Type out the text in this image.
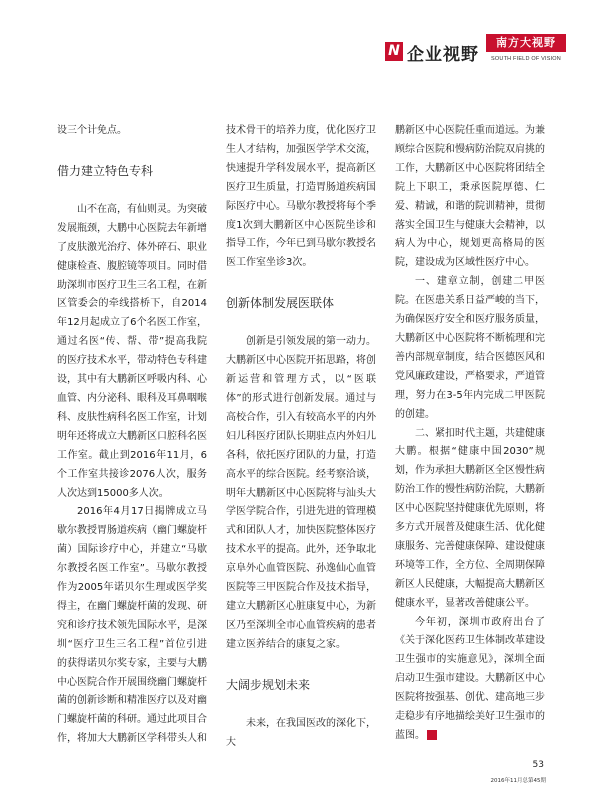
N 企业视野
南方大视野
SOUTH FIELD OF VISION

设三个计免点。

借力建立特色专科

山不在高，有仙则灵。为突破发展瓶颈，大鹏中心医院去年新增了皮肤激光治疗、体外碎石、职业健康检查、腹腔镜等项目。同时借助深圳市医疗卫生三名工程，在新区管委会的牵线搭桥下，自2014年12月起成立了6个名医工作室，通过名医“传、帮、带”提高我院的医疗技术水平，带动特色专科建设，其中有大鹏新区呼吸内科、心血管、内分泌科、眼科及耳鼻咽喉科、皮肤性病科名医工作室，计划明年还将成立大鹏新区口腔科名医工作室。截止到2016年11月，6个工作室共接诊2076人次，服务人次达到15000多人次。

2016年4月17日揭牌成立马歇尔教授胃肠道疾病（幽门螺旋杆菌）国际诊疗中心，并建立“马歇尔教授名医工作室”。马歇尔教授作为2005年诺贝尔生理或医学奖得主，在幽门螺旋杆菌的发现、研究和诊疗技术领先国际水平，是深圳“医疗卫生三名工程”首位引进的获得诺贝尔奖专家，主要与大鹏中心医院合作开展围绕幽门螺旋杆菌的创新诊断和精准医疗以及对幽门螺旋杆菌的科研。通过此项目合作，将加大大鹏新区学科带头人和

技术骨干的培养力度，优化医疗卫生人才结构，加强医学学术交流，快速提升学科发展水平，提高新区医疗卫生质量，打造胃肠道疾病国际医疗中心。马歇尔教授将每个季度1次到大鹏新区中心医院坐诊和指导工作，今年已到马歇尔教授名医工作室坐诊3次。

创新体制发展医联体

创新是引领发展的第一动力。大鹏新区中心医院开拓思路，将创新运营和管理方式，以“医联体”的形式进行创新发展。通过与高校合作，引入有较高水平的内外妇儿科医疗团队长期驻点内外妇儿各科，依托医疗团队的力量，打造高水平的综合医院。经考察洽谈，明年大鹏新区中心医院将与汕头大学医学院合作，引进先进的管理模式和团队人才，加快医院整体医疗技术水平的提高。此外，还争取北京阜外心血管医院、孙逸仙心血管医院等三甲医院合作及技术指导，建立大鹏新区心脏康复中心，为新区乃至深圳全市心血管疾病的患者建立医养结合的康复之家。

大阔步规划未来

未来，在我国医改的深化下，大

鹏新区中心医院任重而道远。为兼顾综合医院和慢病防治院双肩挑的工作，大鹏新区中心医院将团结全院上下职工，秉承医院厚德、仁爱、精诚，和谐的院训精神，贯彻落实全国卫生与健康大会精神，以病人为中心，规划更高格局的医院，建设成为区域性医疗中心。

一、建章立制，创建二甲医院。在医患关系日益严峻的当下，为确保医疗安全和医疗服务质量，大鹏新区中心医院将不断梳理和完善内部规章制度，结合医德医风和党风廉政建设，严格要求，严道管理，努力在3-5年内完成二甲医院的创建。

二、紧扣时代主题，共建健康大鹏。根据“健康中国2030”规划，作为承担大鹏新区全区慢性病防治工作的慢性病防治院，大鹏新区中心医院坚持健康优先原则，将多方式开展普及健康生活、优化健康服务、完善健康保障、建设健康环境等工作，全方位、全周期保障新区人民健康，大幅提高大鹏新区健康水平，显著改善健康公平。

今年初，深圳市政府出台了《关于深化医药卫生体制改革建设卫生强市的实施意见》，深圳全面启动卫生强市建设。大鹏新区中心医院将按强基、创优、建高地三步走稳步有序地描绘美好卫生强市的蓝图。	N

53
2016年11月总第45期
